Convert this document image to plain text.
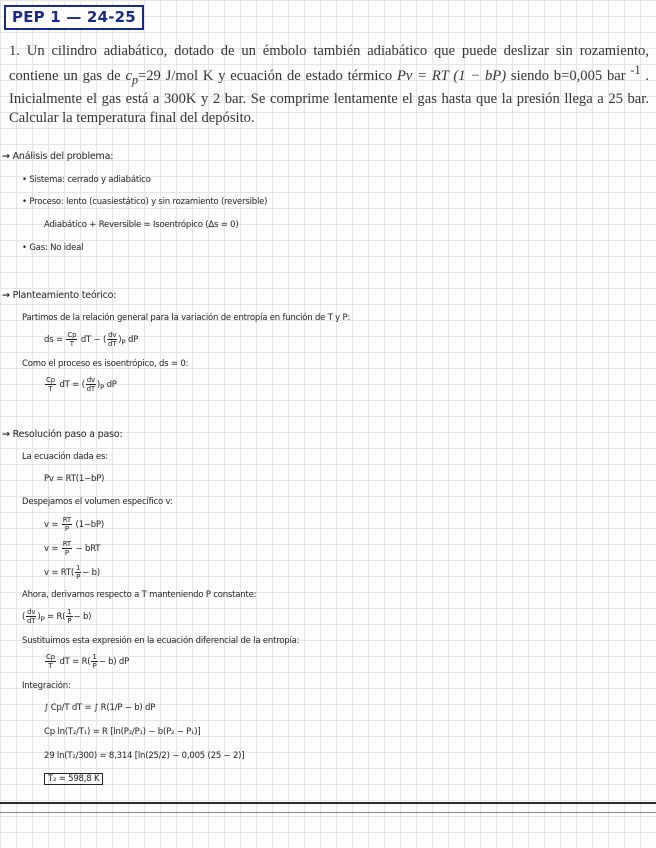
PEP 1 — 24-25
1. Un cilindro adiabático, dotado de un émbolo también adiabático que puede deslizar sin rozamiento, contiene un gas de $c_p=29$ J/mol K y ecuación de estado térmico Pv = RT (1 − bP) siendo b=0,005 bar $^{-1}$ . Inicialmente el gas está a 300K y 2 bar. Se comprime lentamente el gas hasta que la presión llega a 25 bar. Calcular la temperatura final del depósito.
→ Análisis del problema:
• Sistema: cerrado y adiabático
• Proceso: lento (cuasiestático) y sin rozamiento (reversible)
Adiabático + Reversible = Isoentrópico (Δs = 0)
• Gas: No ideal
→ Planteamiento teórico:
Partimos de la relación general para la variación de entropía en función de T y P:
ds = $\frac{Cp}{T}$ dT − ( $\frac{dv}{dT} )_P$ dP
Como el proceso es isoentrópico, ds = 0:
$\frac{Cp}{T}$ dT = ( $\frac{dv}{dT} )_P$ dP
→ Resolución paso a paso:
La ecuación dada es:
Pv = RT(1−bP)
Despejamos el volumen específico v:
$v = \frac{RT}{P} (1-bP)$
$v = \frac{RT}{P}$ − bRT
$v = RT( \frac{1}{P} - b)$
Ahora, derivamos respecto a T manteniendo P constante:
( $\frac{dv}{dT} )_P = R( \frac{1}{P} - b)$
Sustituimos esta expresión en la ecuación diferencial de la entropía:
$\frac{Cp}{T}$ dT = $R( \frac{1}{P} - b)$ dP
Integración:
∫ Cp/T dT = ∫ R(1/P − b) dP
Cp ln(T₂/T₁) = R [ln(P₂/P₁) − b(P₂ − P₁)]
29 ln(T₂/300) = 8,314 [ln(25/2) − 0,005 (25 − 2)]
T₂ = 598,8 K
